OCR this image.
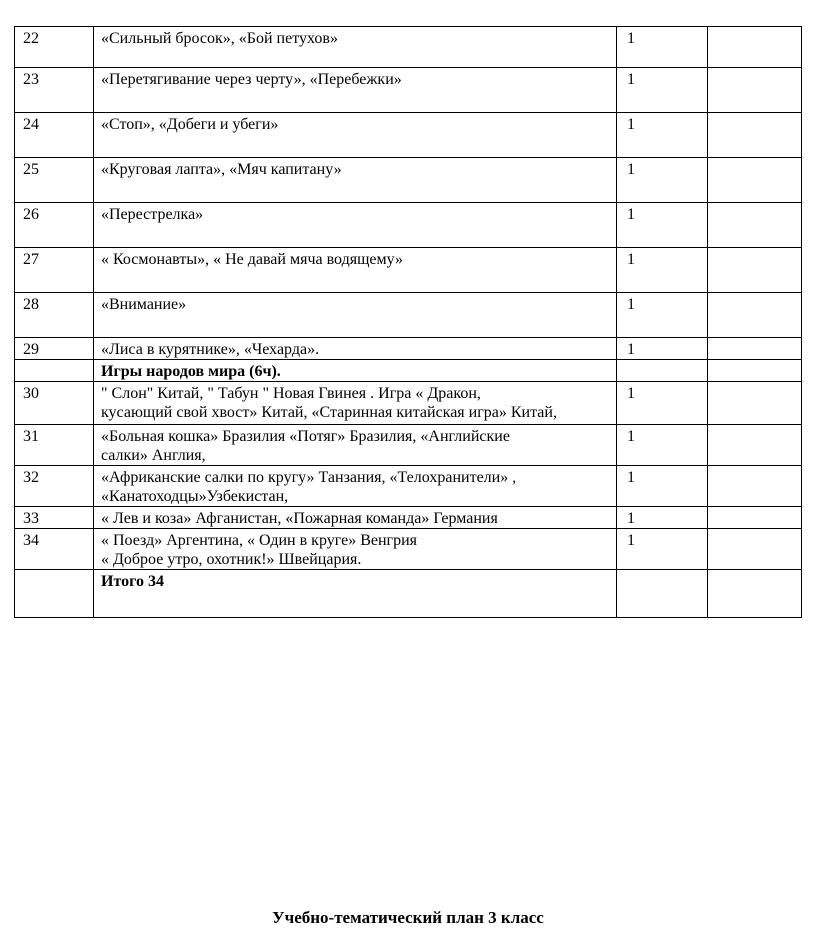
22	«Сильный бросок», «Бой петухов»	1	
23	«Перетягивание через черту», «Перебежки»	1	
24	«Стоп», «Добеги и убеги»	1	
25	«Круговая лапта», «Мяч капитану»	1	
26	«Перестрелка»	1	
27	« Космонавты», « Не давай мяча водящему»	1	
28	«Внимание»	1	
29	«Лиса в курятнике», «Чехарда».	1	

	Игры народов мира (6ч).		

30	" Слон" Китай, " Табун " Новая Гвинея . Игра « Дракон,
кусающий свой хвост» Китай, «Старинная китайская игра» Китай,	1	
31	«Больная кошка» Бразилия «Потяг» Бразилия, «Английские
салки» Англия,	1	
32	«Африканские салки по кругу» Танзания, «Телохранители» ,
«Канатоходцы»Узбекистан,	1	
33	« Лев и коза» Афганистан, «Пожарная команда» Германия	1	
34	« Поезд» Аргентина, « Один в круге» Венгрия
« Доброе утро, охотник!» Швейцария.	1	

	Итого 34		

Учебно-тематический план 3 класс
